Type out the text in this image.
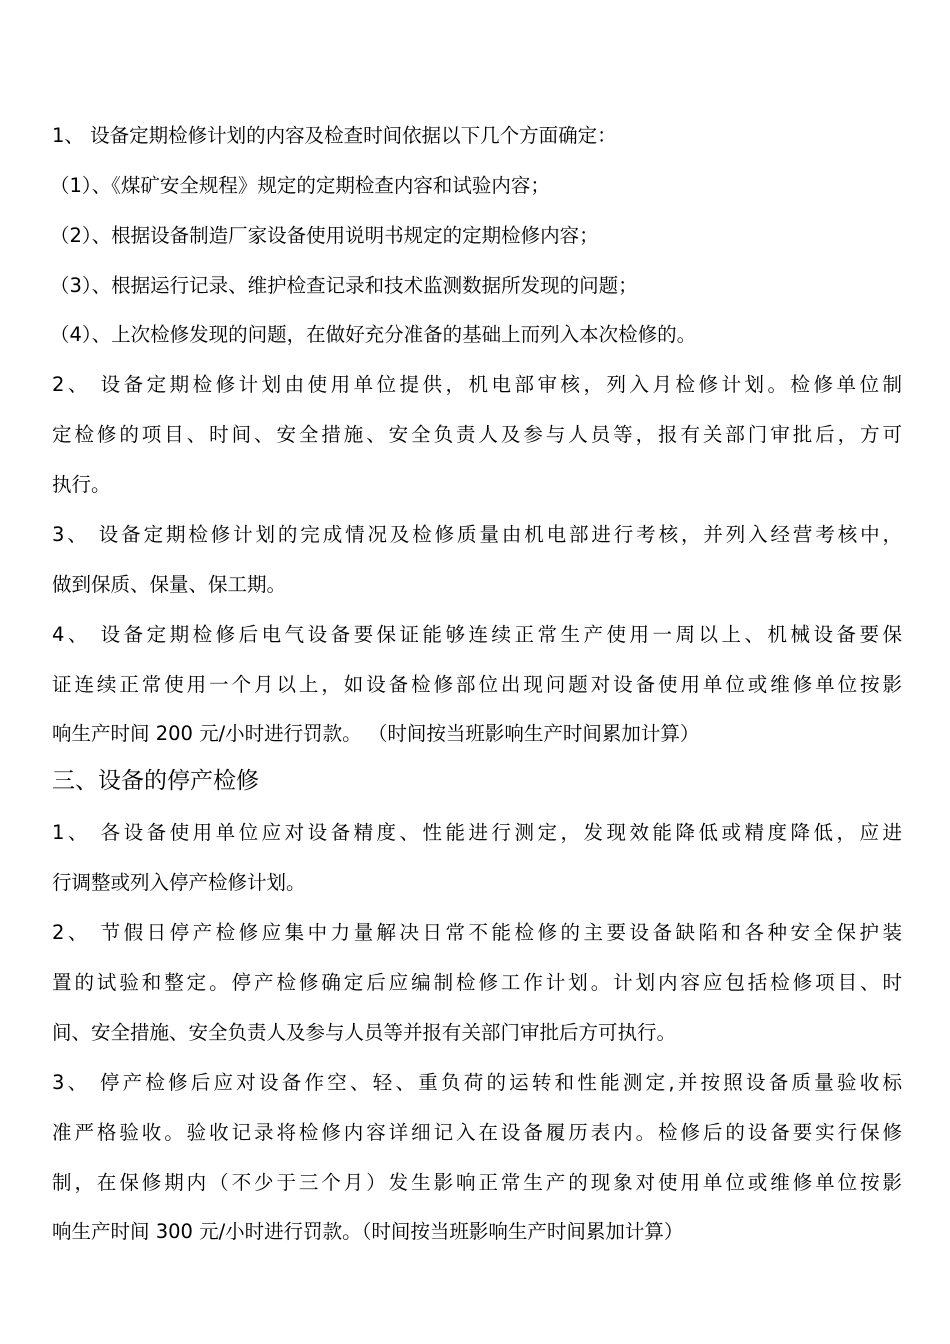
1、 设备定期检修计划的内容及检查时间依据以下几个方面确定：
（1）、《煤矿安全规程》规定的定期检查内容和试验内容；
（2）、根据设备制造厂家设备使用说明书规定的定期检修内容；
（3）、根据运行记录、维护检查记录和技术监测数据所发现的问题；
（4）、上次检修发现的问题，在做好充分准备的基础上而列入本次检修的。
2、 设备定期检修计划由使用单位提供，机电部审核，列入月检修计划。检修单位制
定检修的项目、时间、安全措施、安全负责人及参与人员等，报有关部门审批后，方可
执行。
3、 设备定期检修计划的完成情况及检修质量由机电部进行考核，并列入经营考核中，
做到保质、保量、保工期。
4、 设备定期检修后电气设备要保证能够连续正常生产使用一周以上、机械设备要保
证连续正常使用一个月以上，如设备检修部位出现问题对设备使用单位或维修单位按影
响生产时间 200 元/小时进行罚款。 （时间按当班影响生产时间累加计算）
三、设备的停产检修
1、 各设备使用单位应对设备精度、性能进行测定，发现效能降低或精度降低，应进
行调整或列入停产检修计划。
2、 节假日停产检修应集中力量解决日常不能检修的主要设备缺陷和各种安全保护装
置的试验和整定。停产检修确定后应编制检修工作计划。计划内容应包括检修项目、时
间、安全措施、安全负责人及参与人员等并报有关部门审批后方可执行。
3、 停产检修后应对设备作空、轻、重负荷的运转和性能测定,并按照设备质量验收标
准严格验收。验收记录将检修内容详细记入在设备履历表内。检修后的设备要实行保修
制，在保修期内（不少于三个月）发生影响正常生产的现象对使用单位或维修单位按影
响生产时间 300 元/小时进行罚款。（时间按当班影响生产时间累加计算）
